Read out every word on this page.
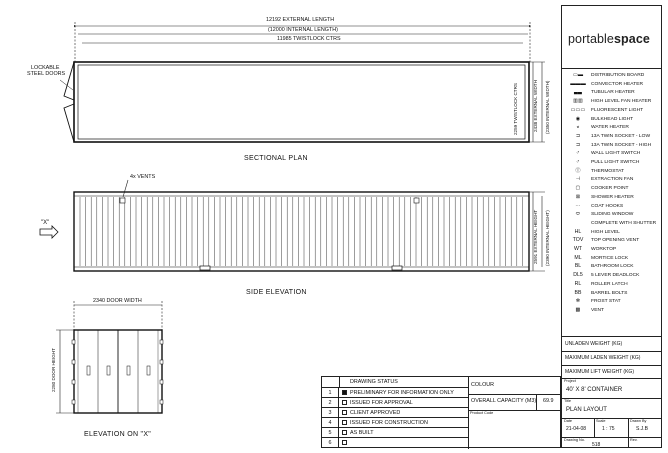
12192 EXTERNAL LENGTH
(12000 INTERNAL LENGTH)
11985 TWISTLOCK CTRS
LOCKABLE
STEEL DOORS
2259 TWISTLOCK CTRS	2438 EXTERNAL WIDTH (2350 INTERNAL WIDTH)
SECTIONAL PLAN
4x VENTS
"X"	2591 EXTERNAL HEIGHT (2390 INTERNAL HEIGHT)
SIDE ELEVATION
2340 DOOR WIDTH
2280 DOOR HEIGHT
ELEVATION ON "X"
portablespace
▭▬	DISTRIBUTION BOARD
▬▬▬	CONVECTOR HEATER
▃▃	TUBULAR HEATER
▥▥	HIGH LEVEL FAN HEATER
▭▭▭	FLUORESCENT LIGHT
◉	BULKHEAD LIGHT
◒	WATER HEATER
⊐	13A TWIN SOCKET - LOW
⊐	13A TWIN SOCKET - HIGH
♂	WALL LIGHT SWITCH
♂	PULL LIGHT SWITCH
Ⓣ	THERMOSTAT
⊣	EXTRACTION FAN
▢	COOKER POINT
⊠	SHOWER HEATER
⋯	COAT HOOKS
⬭	SLIDING WINDOW
COMPLETE WITH SHUTTER
HL	HIGH LEVEL
TOV	TOP OPENING VENT
WT	WORKTOP
ML	MORTICE LOCK
BL	BATHROOM LOCK
DL5	5 LEVER DEADLOCK
RL	ROLLER LATCH
BB	BARREL BOLTS
✻	FROST STAT
▩	VENT
UNLADEN WEIGHT (KG)
MAXIMUM LADEN WEIGHT (KG)
MAXIMUM LIFT WEIGHT (KG)
Project
40' X 8' CONTAINER
Title
PLAN LAYOUT
Date
21-04-08
Scale
1 : 75
Drawn By
S.J.B
Drawing No.
518
Rev.
DRAWING STATUS
1	PRELIMINARY FOR INFORMATION ONLY
2	ISSUED FOR APPROVAL
3	CLIENT APPROVED
4	ISSUED FOR CONSTRUCTION
5	AS BUILT
6
COLOUR
OVERALL CAPACITY (M3) 69.9
Product Code
